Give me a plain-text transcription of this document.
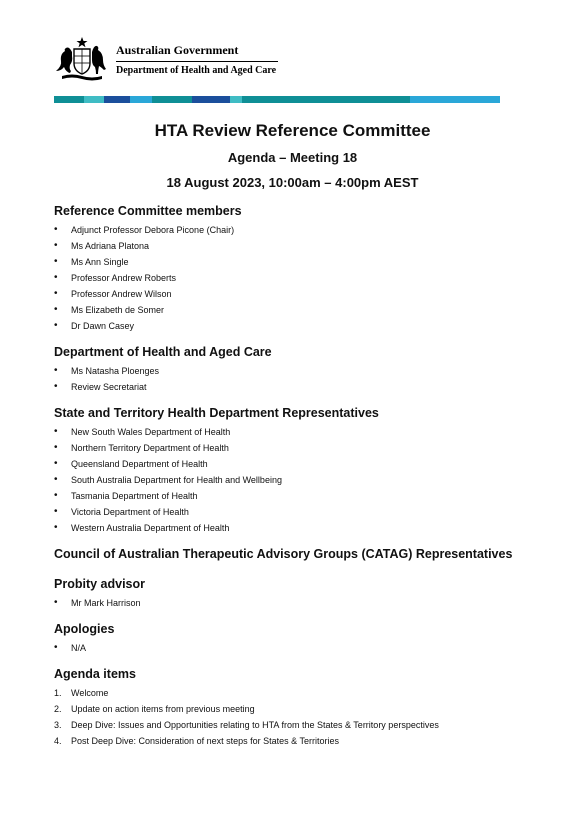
Australian Government
Department of Health and Aged Care
HTA Review Reference Committee
Agenda – Meeting 18
18 August 2023, 10:00am – 4:00pm AEST
Reference Committee members
• Adjunct Professor Debora Picone (Chair)
• Ms Adriana Platona
• Ms Ann Single
• Professor Andrew Roberts
• Professor Andrew Wilson
• Ms Elizabeth de Somer
• Dr Dawn Casey
Department of Health and Aged Care
• Ms Natasha Ploenges
• Review Secretariat
State and Territory Health Department Representatives
• New South Wales Department of Health
• Northern Territory Department of Health
• Queensland Department of Health
• South Australia Department for Health and Wellbeing
• Tasmania Department of Health
• Victoria Department of Health
• Western Australia Department of Health
Council of Australian Therapeutic Advisory Groups (CATAG) Representatives
Probity advisor
• Mr Mark Harrison
Apologies
• N/A
Agenda items
1. Welcome
2. Update on action items from previous meeting
3. Deep Dive: Issues and Opportunities relating to HTA from the States & Territory perspectives
4. Post Deep Dive: Consideration of next steps for States & Territories
